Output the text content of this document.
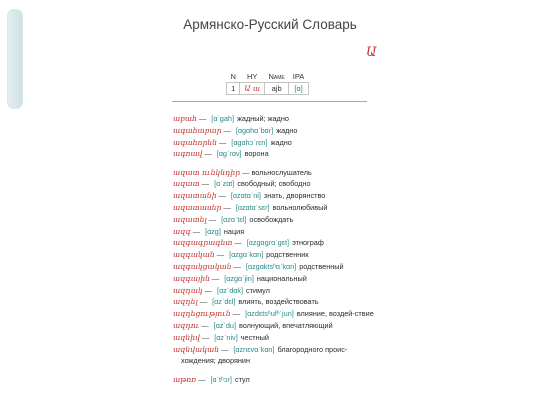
Армянско-Русский Словарь
Ա
N	HY	Name	IPA
1	Ա ա	ajb	[ɑ]
աբահ — [ɑˈgah] жадный; жадно
ագահաբար — [ɑgɑhɑˈbɑɾ] жадно
ագահորեն — [ɑgɑhɔˈɾɛn] жадно
ագռավ — [ɑgˈɾɑv] ворона
ազատ ունկնդիր — вольнослушатель
ազատ — [ɑˈzɑt] свободный; свободно
ազատանի — [ɑzɑtɑˈni] знать, дворянство
ազատասեր — [ɑzɑtɑˈsɛɾ] вольнолюбивый
ազատել — [ɑzɑˈtɛl] освобождать
ազգ — [ɑzg] нация
ազգագրագետ — [ɑzgɑgɾɑˈgɛt] этнограф
ազգական — [ɑzgɑˈkɑn] родственник
ազգակցական — [ɑzgɑktsʰɑˈkɑn] родственный
ազգային — [ɑzgɑˈjin] национальный
ազդակ — [ɑzˈdɑk] стимул
ազդել — [ɑzˈdɛl] влиять, воздействовать
ազդեցություն — [ɑzdɛtsʰufʰˈjun] влияние, воздей-ствие
ազդու — [ɑzˈdu] волнующий, впечатляющий
ազնիվ — [ɑzˈniv] честный
ազնվական — [ɑznɛvɑˈkɑn] благородного проис-хождения; дворянин
աթոռ — [ɑˈtʰɔɾ] стул
